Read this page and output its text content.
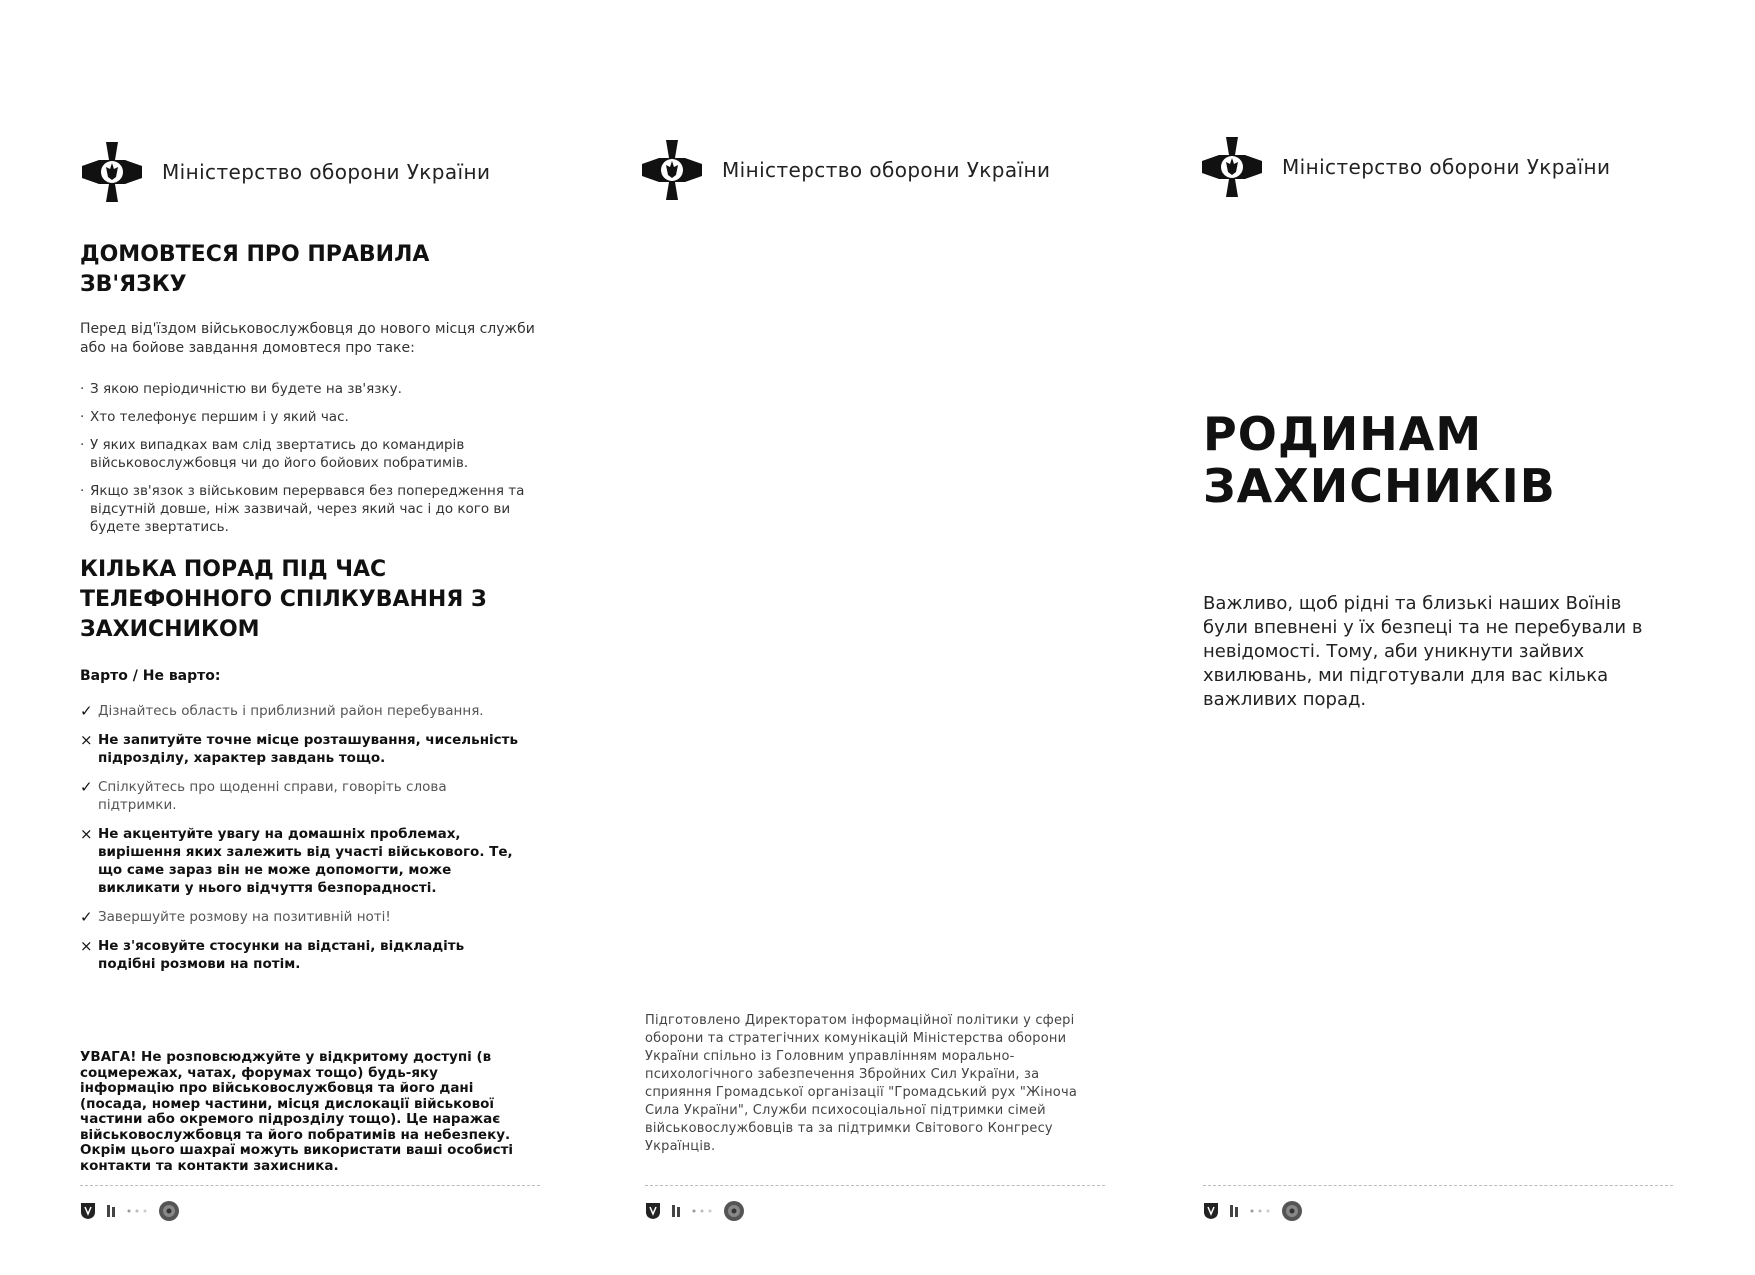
Міністерство оборони України
ДОМОВТЕСЯ ПРО ПРАВИЛА ЗВ'ЯЗКУ

Перед від'їздом військовослужбовця до нового місця служби або на бойове завдання домовтеся про таке:

· З якою періодичністю ви будете на зв'язку.
· Хто телефонує першим і у який час.
· У яких випадках вам слід звертатись до командирів військовослужбовця чи до його бойових побратимів.
· Якщо зв'язок з військовим перервався без попередження та відсутній довше, ніж зазвичай, через який час і до кого ви будете звертатись.
КІЛЬКА ПОРАД ПІД ЧАС ТЕЛЕФОННОГО СПІЛКУВАННЯ З ЗАХИСНИКОМ

Варто / Не варто:

✓ Дізнайтесь область і приблизний район перебування.
× Не запитуйте точне місце розташування, чисельність підрозділу, характер завдань тощо.
✓ Спілкуйтесь про щоденні справи, говоріть слова підтримки.
× Не акцентуйте увагу на домашніх проблемах, вирішення яких залежить від участі військового. Те, що саме зараз він не може допомогти, може викликати у нього відчуття безпорадності.
✓ Завершуйте розмову на позитивній ноті!
× Не з'ясовуйте стосунки на відстані, відкладіть подібні розмови на потім.

УВАГА! Не розповсюджуйте у відкритому доступі (в соцмережах, чатах, форумах тощо) будь-яку інформацію про військовослужбовця та його дані (посада, номер частини, місця дислокації військової частини або окремого підрозділу тощо). Це наражає військовослужбовця та його побратимів на небезпеку. Окрім цього шахраї можуть використати ваші особисті контакти та контакти захисника.

Міністерство оборони України

Підготовлено Директоратом інформаційної політики у сфері оборони та стратегічних комунікацій Міністерства оборони України спільно із Головним управлінням морально-психологічного забезпечення Збройних Сил України, за сприяння Громадської організації "Громадський рух "Жіноча Сила України", Служби психосоціальної підтримки сімей військовослужбовців та за підтримки Світового Конгресу Українців.

Міністерство оборони України
РОДИНАМ
ЗАХИСНИКІВ

Важливо, щоб рідні та близькі наших Воїнів були впевнені у їх безпеці та не перебували в невідомості. Тому, аби уникнути зайвих хвилювань, ми підготували для вас кілька важливих порад.
